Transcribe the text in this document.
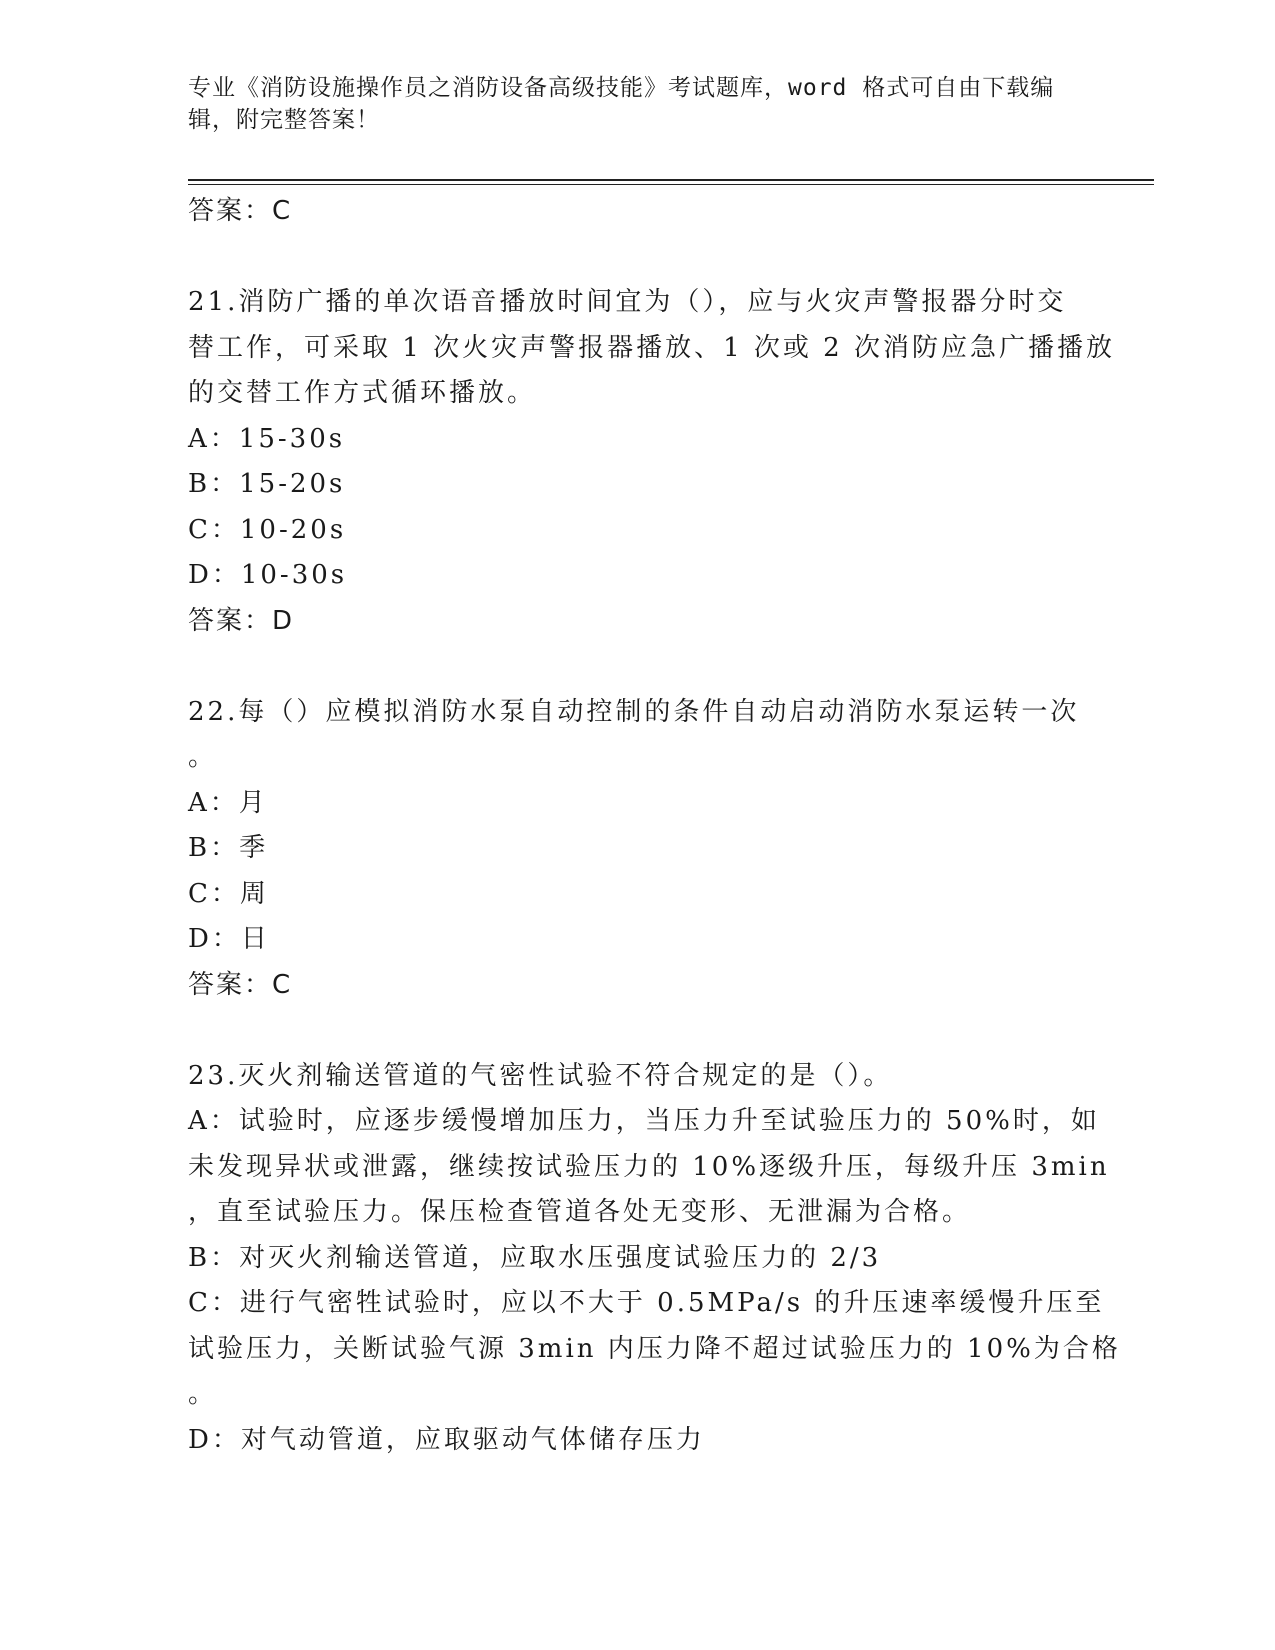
专业《消防设施操作员之消防设备高级技能》考试题库，word 格式可自由下载编
辑，附完整答案！
答案：C
21.消防广播的单次语音播放时间宜为（），应与火灾声警报器分时交
替工作，可采取 1 次火灾声警报器播放、1 次或 2 次消防应急广播播放
的交替工作方式循环播放。
A：15-30s
B：15-20s
C：10-20s
D：10-30s
答案：D
22.每（）应模拟消防水泵自动控制的条件自动启动消防水泵运转一次
。
A：月
B：季
C：周
D：日
答案：C
23.灭火剂输送管道的气密性试验不符合规定的是（）。
A：试验时，应逐步缓慢增加压力，当压力升至试验压力的 50%时，如
未发现异状或泄露，继续按试验压力的 10%逐级升压，每级升压 3min
，直至试验压力。保压检查管道各处无变形、无泄漏为合格。
B：对灭火剂输送管道，应取水压强度试验压力的 2/3
C：进行气密牲试验时，应以不大于 0.5MPa/s 的升压速率缓慢升压至
试验压力，关断试验气源 3min 内压力降不超过试验压力的 10%为合格
。
D：对气动管道，应取驱动气体储存压力
